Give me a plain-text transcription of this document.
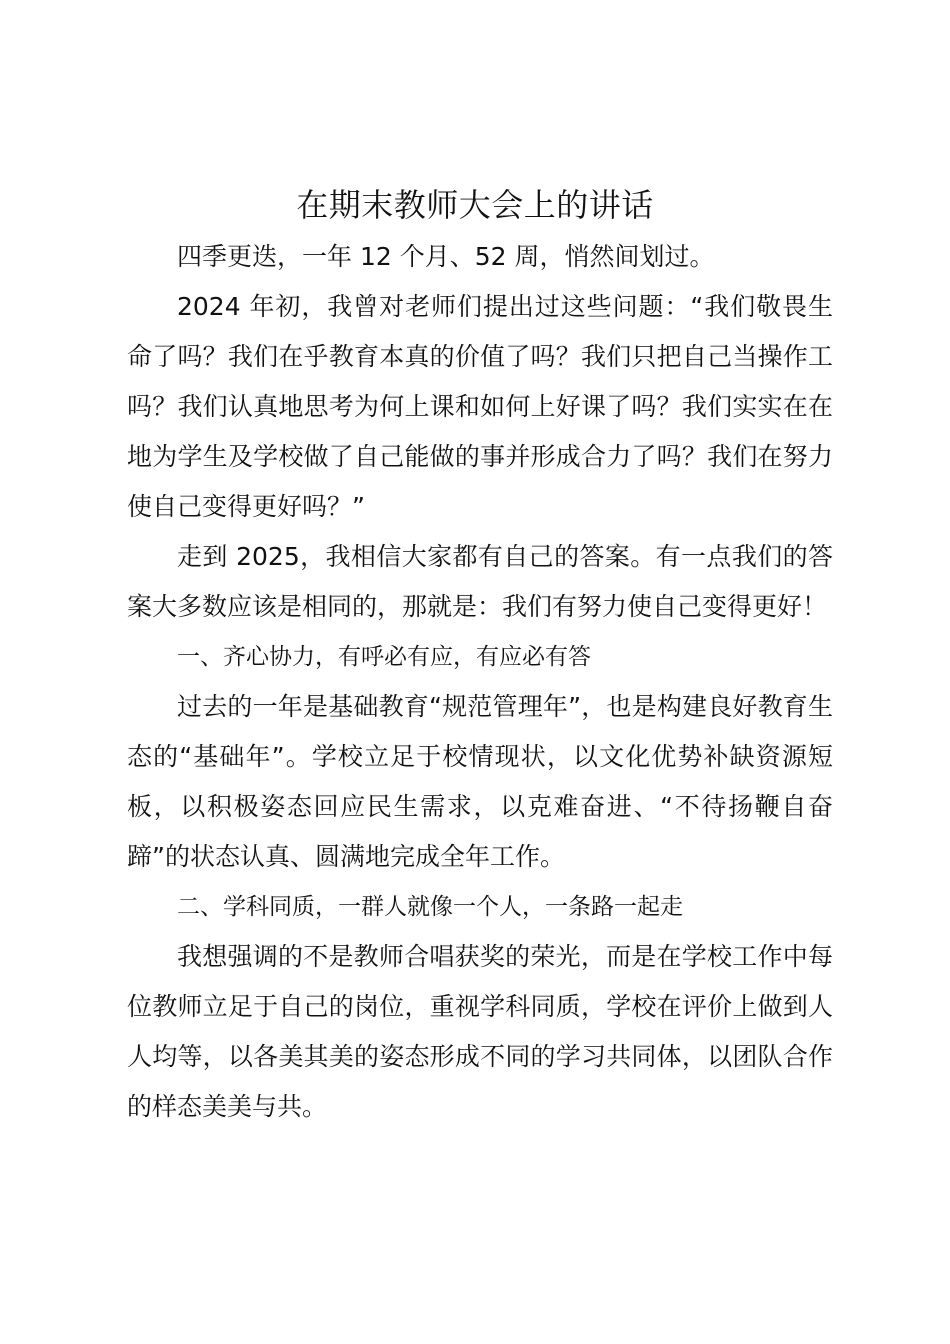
在期末教师大会上的讲话

四季更迭，一年 12 个月、52 周，悄然间划过。

2024 年初，我曾对老师们提出过这些问题：“我们敬畏生命了吗？我们在乎教育本真的价值了吗？我们只把自己当操作工吗？我们认真地思考为何上课和如何上好课了吗？我们实实在在地为学生及学校做了自己能做的事并形成合力了吗？我们在努力使自己变得更好吗？”

走到 2025，我相信大家都有自己的答案。有一点我们的答案大多数应该是相同的，那就是：我们有努力使自己变得更好！

一、齐心协力，有呼必有应，有应必有答

过去的一年是基础教育“规范管理年”，也是构建良好教育生态的“基础年”。学校立足于校情现状，以文化优势补缺资源短板，以积极姿态回应民生需求，以克难奋进、“不待扬鞭自奋蹄”的状态认真、圆满地完成全年工作。

二、学科同质，一群人就像一个人，一条路一起走

我想强调的不是教师合唱获奖的荣光，而是在学校工作中每位教师立足于自己的岗位，重视学科同质，学校在评价上做到人人均等，以各美其美的姿态形成不同的学习共同体，以团队合作的样态美美与共。
